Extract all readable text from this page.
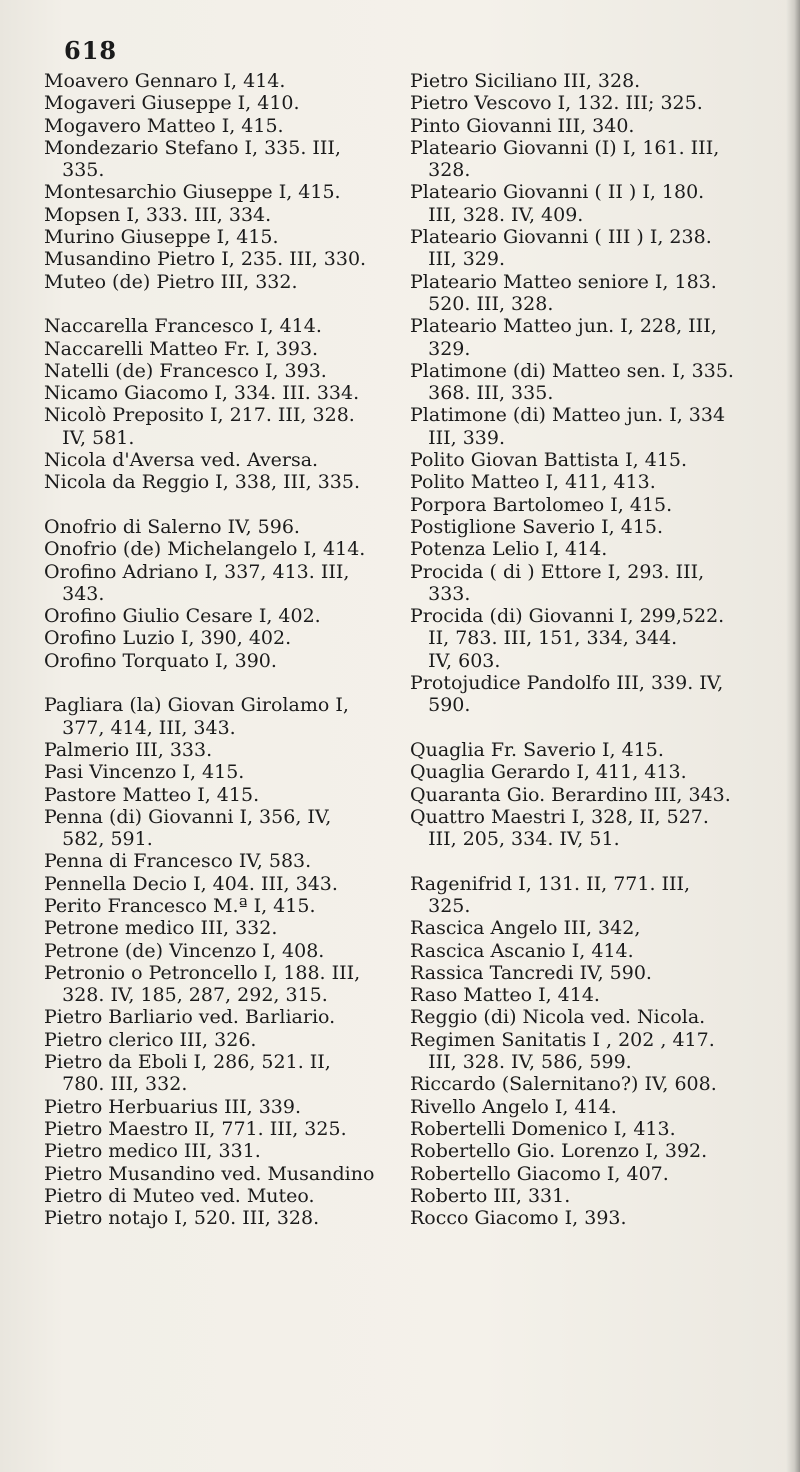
618
Moavero Gennaro I, 414.
Mogaveri Giuseppe I, 410.
Mogavero Matteo I, 415.
Mondezario Stefano I, 335. III,
335.
Montesarchio Giuseppe I, 415.
Mopsen I, 333. III, 334.
Murino Giuseppe I, 415.
Musandino Pietro I, 235. III, 330.
Muteo (de) Pietro III, 332.
Naccarella Francesco I, 414.
Naccarelli Matteo Fr. I, 393.
Natelli (de) Francesco I, 393.
Nicamo Giacomo I, 334. III. 334.
Nicolò Preposito I, 217. III, 328.
IV, 581.
Nicola d'Aversa ved. Aversa.
Nicola da Reggio I, 338, III, 335.
Onofrio di Salerno IV, 596.
Onofrio (de) Michelangelo I, 414.
Orofino Adriano I, 337, 413. III,
343.
Orofino Giulio Cesare I, 402.
Orofino Luzio I, 390, 402.
Orofino Torquato I, 390.
Pagliara (la) Giovan Girolamo I,
377, 414, III, 343.
Palmerio III, 333.
Pasi Vincenzo I, 415.
Pastore Matteo I, 415.
Penna (di) Giovanni I, 356, IV,
582, 591.
Penna di Francesco IV, 583.
Pennella Decio I, 404. III, 343.
Perito Francesco M.ª I, 415.
Petrone medico III, 332.
Petrone (de) Vincenzo I, 408.
Petronio o Petroncello I, 188. III,
328. IV, 185, 287, 292, 315.
Pietro Barliario ved. Barliario.
Pietro clerico III, 326.
Pietro da Eboli I, 286, 521. II,
780. III, 332.
Pietro Herbuarius III, 339.
Pietro Maestro II, 771. III, 325.
Pietro medico III, 331.
Pietro Musandino ved. Musandino
Pietro di Muteo ved. Muteo.
Pietro notajo I, 520. III, 328.
Pietro Siciliano III, 328.
Pietro Vescovo I, 132. III; 325.
Pinto Giovanni III, 340.
Plateario Giovanni (I) I, 161. III,
328.
Plateario Giovanni ( II ) I, 180.
III, 328. IV, 409.
Plateario Giovanni ( III ) I, 238.
III, 329.
Plateario Matteo seniore I, 183.
520. III, 328.
Plateario Matteo jun. I, 228, III,
329.
Platimone (di) Matteo sen. I, 335.
368. III, 335.
Platimone (di) Matteo jun. I, 334
III, 339.
Polito Giovan Battista I, 415.
Polito Matteo I, 411, 413.
Porpora Bartolomeo I, 415.
Postiglione Saverio I, 415.
Potenza Lelio I, 414.
Procida ( di ) Ettore I, 293. III,
333.
Procida (di) Giovanni I, 299,522.
II, 783. III, 151, 334, 344.
IV, 603.
Protojudice Pandolfo III, 339. IV,
590.
Quaglia Fr. Saverio I, 415.
Quaglia Gerardo I, 411, 413.
Quaranta Gio. Berardino III, 343.
Quattro Maestri I, 328, II, 527.
III, 205, 334. IV, 51.
Ragenifrid I, 131. II, 771. III,
325.
Rascica Angelo III, 342,
Rascica Ascanio I, 414.
Rassica Tancredi IV, 590.
Raso Matteo I, 414.
Reggio (di) Nicola ved. Nicola.
Regimen Sanitatis I , 202 , 417.
III, 328. IV, 586, 599.
Riccardo (Salernitano?) IV, 608.
Rivello Angelo I, 414.
Robertelli Domenico I, 413.
Robertello Gio. Lorenzo I, 392.
Robertello Giacomo I, 407.
Roberto III, 331.
Rocco Giacomo I, 393.
